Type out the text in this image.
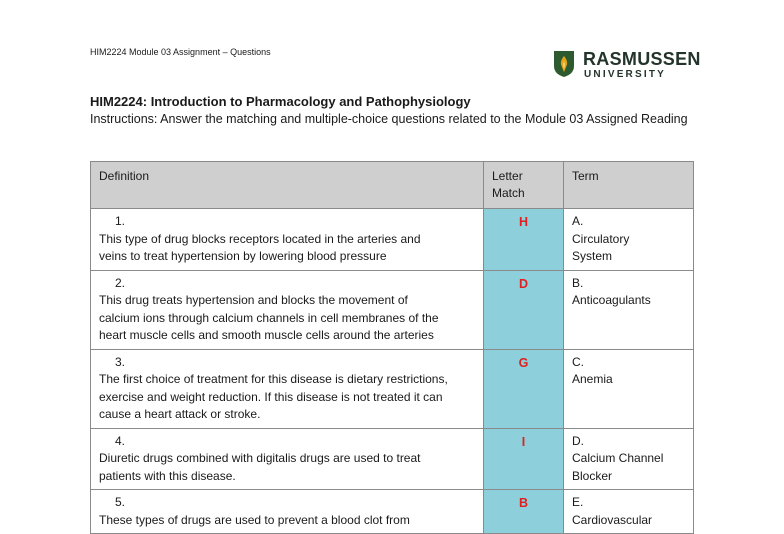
HIM2224 Module 03 Assignment – Questions	RASMUSSEN
UNIVERSITY
HIM2224: Introduction to Pharmacology and Pathophysiology
Instructions: Answer the matching and multiple-choice questions related to the Module 03 Assigned Reading
Definition	Letter Match	Term
1.This type of drug blocks receptors located in the arteries and veins to treat hypertension by lowering blood pressure	H	A.Circulatory System
2.This drug treats hypertension and blocks the movement of calcium ions through calcium channels in cell membranes of the heart muscle cells and smooth muscle cells around the arteries	D	B.Anticoagulants
3.The first choice of treatment for this disease is dietary restrictions, exercise and weight reduction. If this disease is not treated it can cause a heart attack or stroke.	G	C.Anemia
4.Diuretic drugs combined with digitalis drugs are used to treat patients with this disease.	I	D.Calcium Channel Blocker
5.These types of drugs are used to prevent a blood clot from	B	E.Cardiovascular
